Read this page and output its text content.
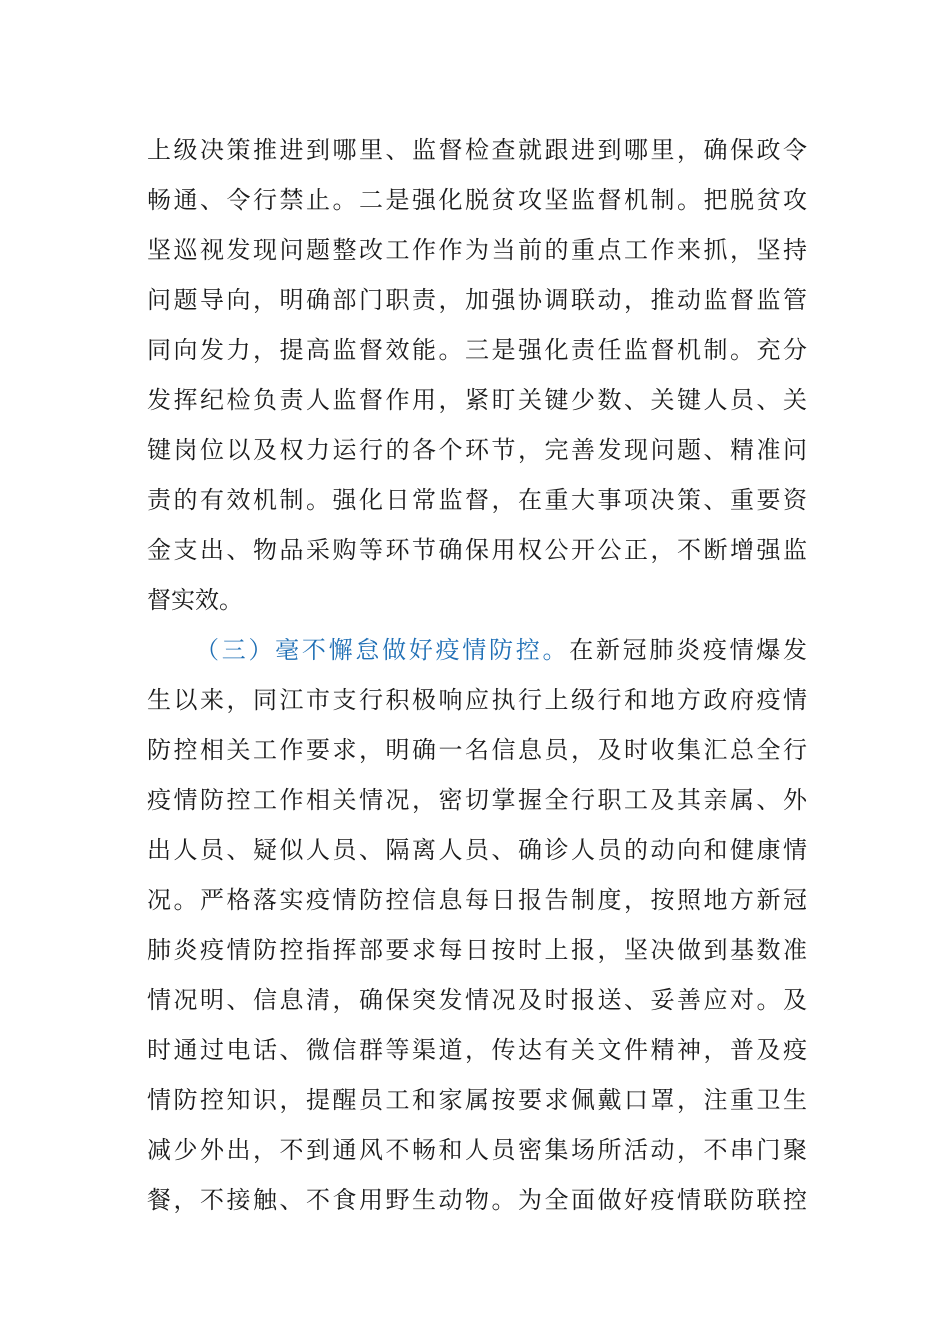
上级决策推进到哪里、监督检查就跟进到哪里，确保政令
畅通、令行禁止。二是强化脱贫攻坚监督机制。把脱贫攻
坚巡视发现问题整改工作作为当前的重点工作来抓，坚持
问题导向，明确部门职责，加强协调联动，推动监督监管
同向发力，提高监督效能。三是强化责任监督机制。充分
发挥纪检负责人监督作用，紧盯关键少数、关键人员、关
键岗位以及权力运行的各个环节，完善发现问题、精准问
责的有效机制。强化日常监督，在重大事项决策、重要资
金支出、物品采购等环节确保用权公开公正，不断增强监
督实效。
（三）毫不懈怠做好疫情防控。在新冠肺炎疫情爆发
生以来，同江市支行积极响应执行上级行和地方政府疫情
防控相关工作要求，明确一名信息员，及时收集汇总全行
疫情防控工作相关情况，密切掌握全行职工及其亲属、外
出人员、疑似人员、隔离人员、确诊人员的动向和健康情
况。严格落实疫情防控信息每日报告制度，按照地方新冠
肺炎疫情防控指挥部要求每日按时上报，坚决做到基数准
情况明、信息清，确保突发情况及时报送、妥善应对。及
时通过电话、微信群等渠道，传达有关文件精神，普及疫
情防控知识，提醒员工和家属按要求佩戴口罩，注重卫生
减少外出，不到通风不畅和人员密集场所活动，不串门聚
餐，不接触、不食用野生动物。为全面做好疫情联防联控
